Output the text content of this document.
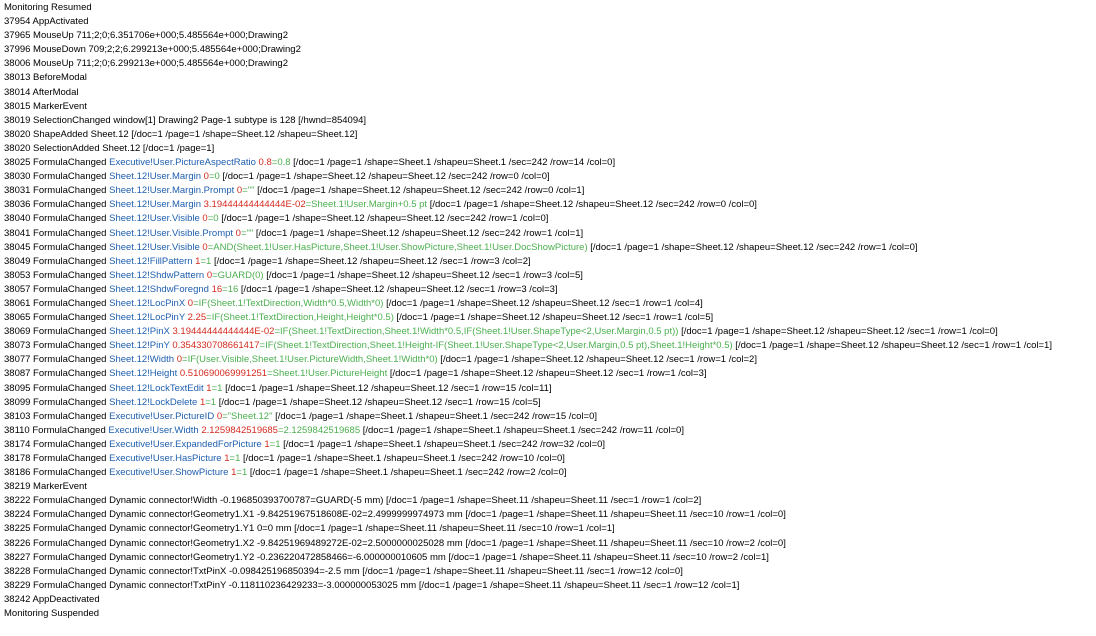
Monitoring Resumed
37954 AppActivated
37965 MouseUp 711;2;0;6.351706e+000;5.485564e+000;Drawing2
37996 MouseDown 709;2;2;6.299213e+000;5.485564e+000;Drawing2
38006 MouseUp 711;2;0;6.299213e+000;5.485564e+000;Drawing2
38013 BeforeModal
38014 AfterModal
38015 MarkerEvent
38019 SelectionChanged window[1] Drawing2 Page-1 subtype is 128 [/hwnd=854094]
38020 ShapeAdded Sheet.12 [/doc=1 /page=1 /shape=Sheet.12 /shapeu=Sheet.12]
38020 SelectionAdded Sheet.12 [/doc=1 /page=1]
38025 FormulaChanged Executive!User.PictureAspectRatio 0.8=0.8 [/doc=1 /page=1 /shape=Sheet.1 /shapeu=Sheet.1 /sec=242 /row=14 /col=0]
38030 FormulaChanged Sheet.12!User.Margin 0=0 [/doc=1 /page=1 /shape=Sheet.12 /shapeu=Sheet.12 /sec=242 /row=0 /col=0]
38031 FormulaChanged Sheet.12!User.Margin.Prompt 0="" [/doc=1 /page=1 /shape=Sheet.12 /shapeu=Sheet.12 /sec=242 /row=0 /col=1]
38036 FormulaChanged Sheet.12!User.Margin 3.19444444444444E-02=Sheet.1!User.Margin+0.5 pt [/doc=1 /page=1 /shape=Sheet.12 /shapeu=Sheet.12 /sec=242 /row=0 /col=0]
38040 FormulaChanged Sheet.12!User.Visible 0=0 [/doc=1 /page=1 /shape=Sheet.12 /shapeu=Sheet.12 /sec=242 /row=1 /col=0]
38041 FormulaChanged Sheet.12!User.Visible.Prompt 0="" [/doc=1 /page=1 /shape=Sheet.12 /shapeu=Sheet.12 /sec=242 /row=1 /col=1]
38045 FormulaChanged Sheet.12!User.Visible 0=AND(Sheet.1!User.HasPicture,Sheet.1!User.ShowPicture,Sheet.1!User.DocShowPicture) [/doc=1 /page=1 /shape=Sheet.12 /shapeu=Sheet.12 /sec=242 /row=1 /col=0]
38049 FormulaChanged Sheet.12!FillPattern 1=1 [/doc=1 /page=1 /shape=Sheet.12 /shapeu=Sheet.12 /sec=1 /row=3 /col=2]
38053 FormulaChanged Sheet.12!ShdwPattern 0=GUARD(0) [/doc=1 /page=1 /shape=Sheet.12 /shapeu=Sheet.12 /sec=1 /row=3 /col=5]
38057 FormulaChanged Sheet.12!ShdwForegnd 16=16 [/doc=1 /page=1 /shape=Sheet.12 /shapeu=Sheet.12 /sec=1 /row=3 /col=3]
38061 FormulaChanged Sheet.12!LocPinX 0=IF(Sheet.1!TextDirection,Width*0.5,Width*0) [/doc=1 /page=1 /shape=Sheet.12 /shapeu=Sheet.12 /sec=1 /row=1 /col=4]
38065 FormulaChanged Sheet.12!LocPinY 2.25=IF(Sheet.1!TextDirection,Height,Height*0.5) [/doc=1 /page=1 /shape=Sheet.12 /shapeu=Sheet.12 /sec=1 /row=1 /col=5]
38069 FormulaChanged Sheet.12!PinX 3.19444444444444E-02=IF(Sheet.1!TextDirection,Sheet.1!Width*0.5,IF(Sheet.1!User.ShapeType<2,User.Margin,0.5 pt)) [/doc=1 /page=1 /shape=Sheet.12 /shapeu=Sheet.12 /sec=1 /row=1 /col=0]
38073 FormulaChanged Sheet.12!PinY 0.354330708661417=IF(Sheet.1!TextDirection,Sheet.1!Height-IF(Sheet.1!User.ShapeType<2,User.Margin,0.5 pt),Sheet.1!Height*0.5) [/doc=1 /page=1 /shape=Sheet.12 /shapeu=Sheet.12 /sec=1 /row=1 /col=1]
38077 FormulaChanged Sheet.12!Width 0=IF(User.Visible,Sheet.1!User.PictureWidth,Sheet.1!Width*0) [/doc=1 /page=1 /shape=Sheet.12 /shapeu=Sheet.12 /sec=1 /row=1 /col=2]
38087 FormulaChanged Sheet.12!Height 0.510690069991251=Sheet.1!User.PictureHeight [/doc=1 /page=1 /shape=Sheet.12 /shapeu=Sheet.12 /sec=1 /row=1 /col=3]
38095 FormulaChanged Sheet.12!LockTextEdit 1=1 [/doc=1 /page=1 /shape=Sheet.12 /shapeu=Sheet.12 /sec=1 /row=15 /col=11]
38099 FormulaChanged Sheet.12!LockDelete 1=1 [/doc=1 /page=1 /shape=Sheet.12 /shapeu=Sheet.12 /sec=1 /row=15 /col=5]
38103 FormulaChanged Executive!User.PictureID 0="Sheet.12" [/doc=1 /page=1 /shape=Sheet.1 /shapeu=Sheet.1 /sec=242 /row=15 /col=0]
38110 FormulaChanged Executive!User.Width 2.1259842519685=2.1259842519685 [/doc=1 /page=1 /shape=Sheet.1 /shapeu=Sheet.1 /sec=242 /row=11 /col=0]
38174 FormulaChanged Executive!User.ExpandedForPicture 1=1 [/doc=1 /page=1 /shape=Sheet.1 /shapeu=Sheet.1 /sec=242 /row=32 /col=0]
38178 FormulaChanged Executive!User.HasPicture 1=1 [/doc=1 /page=1 /shape=Sheet.1 /shapeu=Sheet.1 /sec=242 /row=10 /col=0]
38186 FormulaChanged Executive!User.ShowPicture 1=1 [/doc=1 /page=1 /shape=Sheet.1 /shapeu=Sheet.1 /sec=242 /row=2 /col=0]
38219 MarkerEvent
38222 FormulaChanged Dynamic connector!Width -0.196850393700787=GUARD(-5 mm) [/doc=1 /page=1 /shape=Sheet.11 /shapeu=Sheet.11 /sec=1 /row=1 /col=2]
38224 FormulaChanged Dynamic connector!Geometry1.X1 -9.84251967518608E-02=2.4999999974973 mm [/doc=1 /page=1 /shape=Sheet.11 /shapeu=Sheet.11 /sec=10 /row=1 /col=0]
38225 FormulaChanged Dynamic connector!Geometry1.Y1 0=0 mm [/doc=1 /page=1 /shape=Sheet.11 /shapeu=Sheet.11 /sec=10 /row=1 /col=1]
38226 FormulaChanged Dynamic connector!Geometry1.X2 -9.84251969489272E-02=2.5000000025028 mm [/doc=1 /page=1 /shape=Sheet.11 /shapeu=Sheet.11 /sec=10 /row=2 /col=0]
38227 FormulaChanged Dynamic connector!Geometry1.Y2 -0.236220472858466=-6.000000010605 mm [/doc=1 /page=1 /shape=Sheet.11 /shapeu=Sheet.11 /sec=10 /row=2 /col=1]
38228 FormulaChanged Dynamic connector!TxtPinX -0.098425196850394=-2.5 mm [/doc=1 /page=1 /shape=Sheet.11 /shapeu=Sheet.11 /sec=1 /row=12 /col=0]
38229 FormulaChanged Dynamic connector!TxtPinY -0.118110236429233=-3.000000053025 mm [/doc=1 /page=1 /shape=Sheet.11 /shapeu=Sheet.11 /sec=1 /row=12 /col=1]
38242 AppDeactivated
Monitoring Suspended
